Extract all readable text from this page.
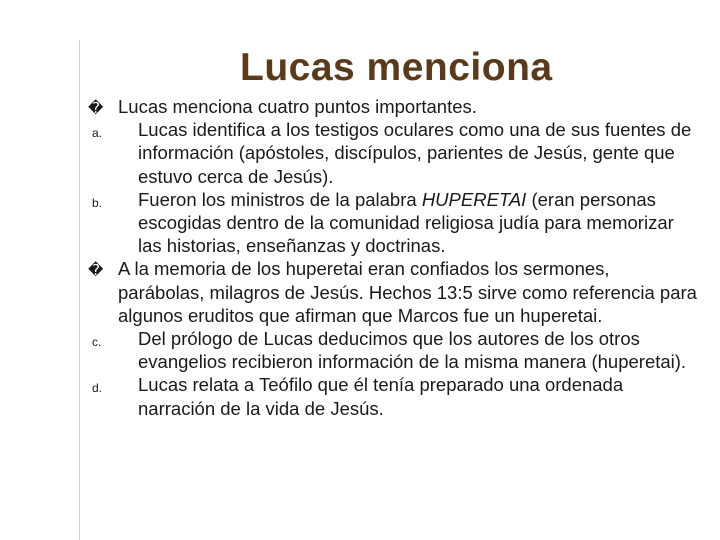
Lucas menciona
� Lucas menciona cuatro puntos importantes.
a. Lucas identifica a los testigos oculares como una de sus fuentes de información (apóstoles, discípulos, parientes de Jesús, gente que estuvo cerca de Jesús).
b. Fueron los ministros de la palabra HUPERETAI (eran personas escogidas dentro de la comunidad religiosa judía para memorizar las historias, enseñanzas y doctrinas.
� A la memoria de los huperetai eran confiados los sermones, parábolas, milagros de Jesús. Hechos 13:5 sirve como referencia para algunos eruditos que afirman que Marcos fue un huperetai.
c. Del prólogo de Lucas deducimos que los autores de los otros evangelios recibieron información de la misma manera (huperetai).
d. Lucas relata a Teófilo que él tenía preparado una ordenada narración de la vida de Jesús.
